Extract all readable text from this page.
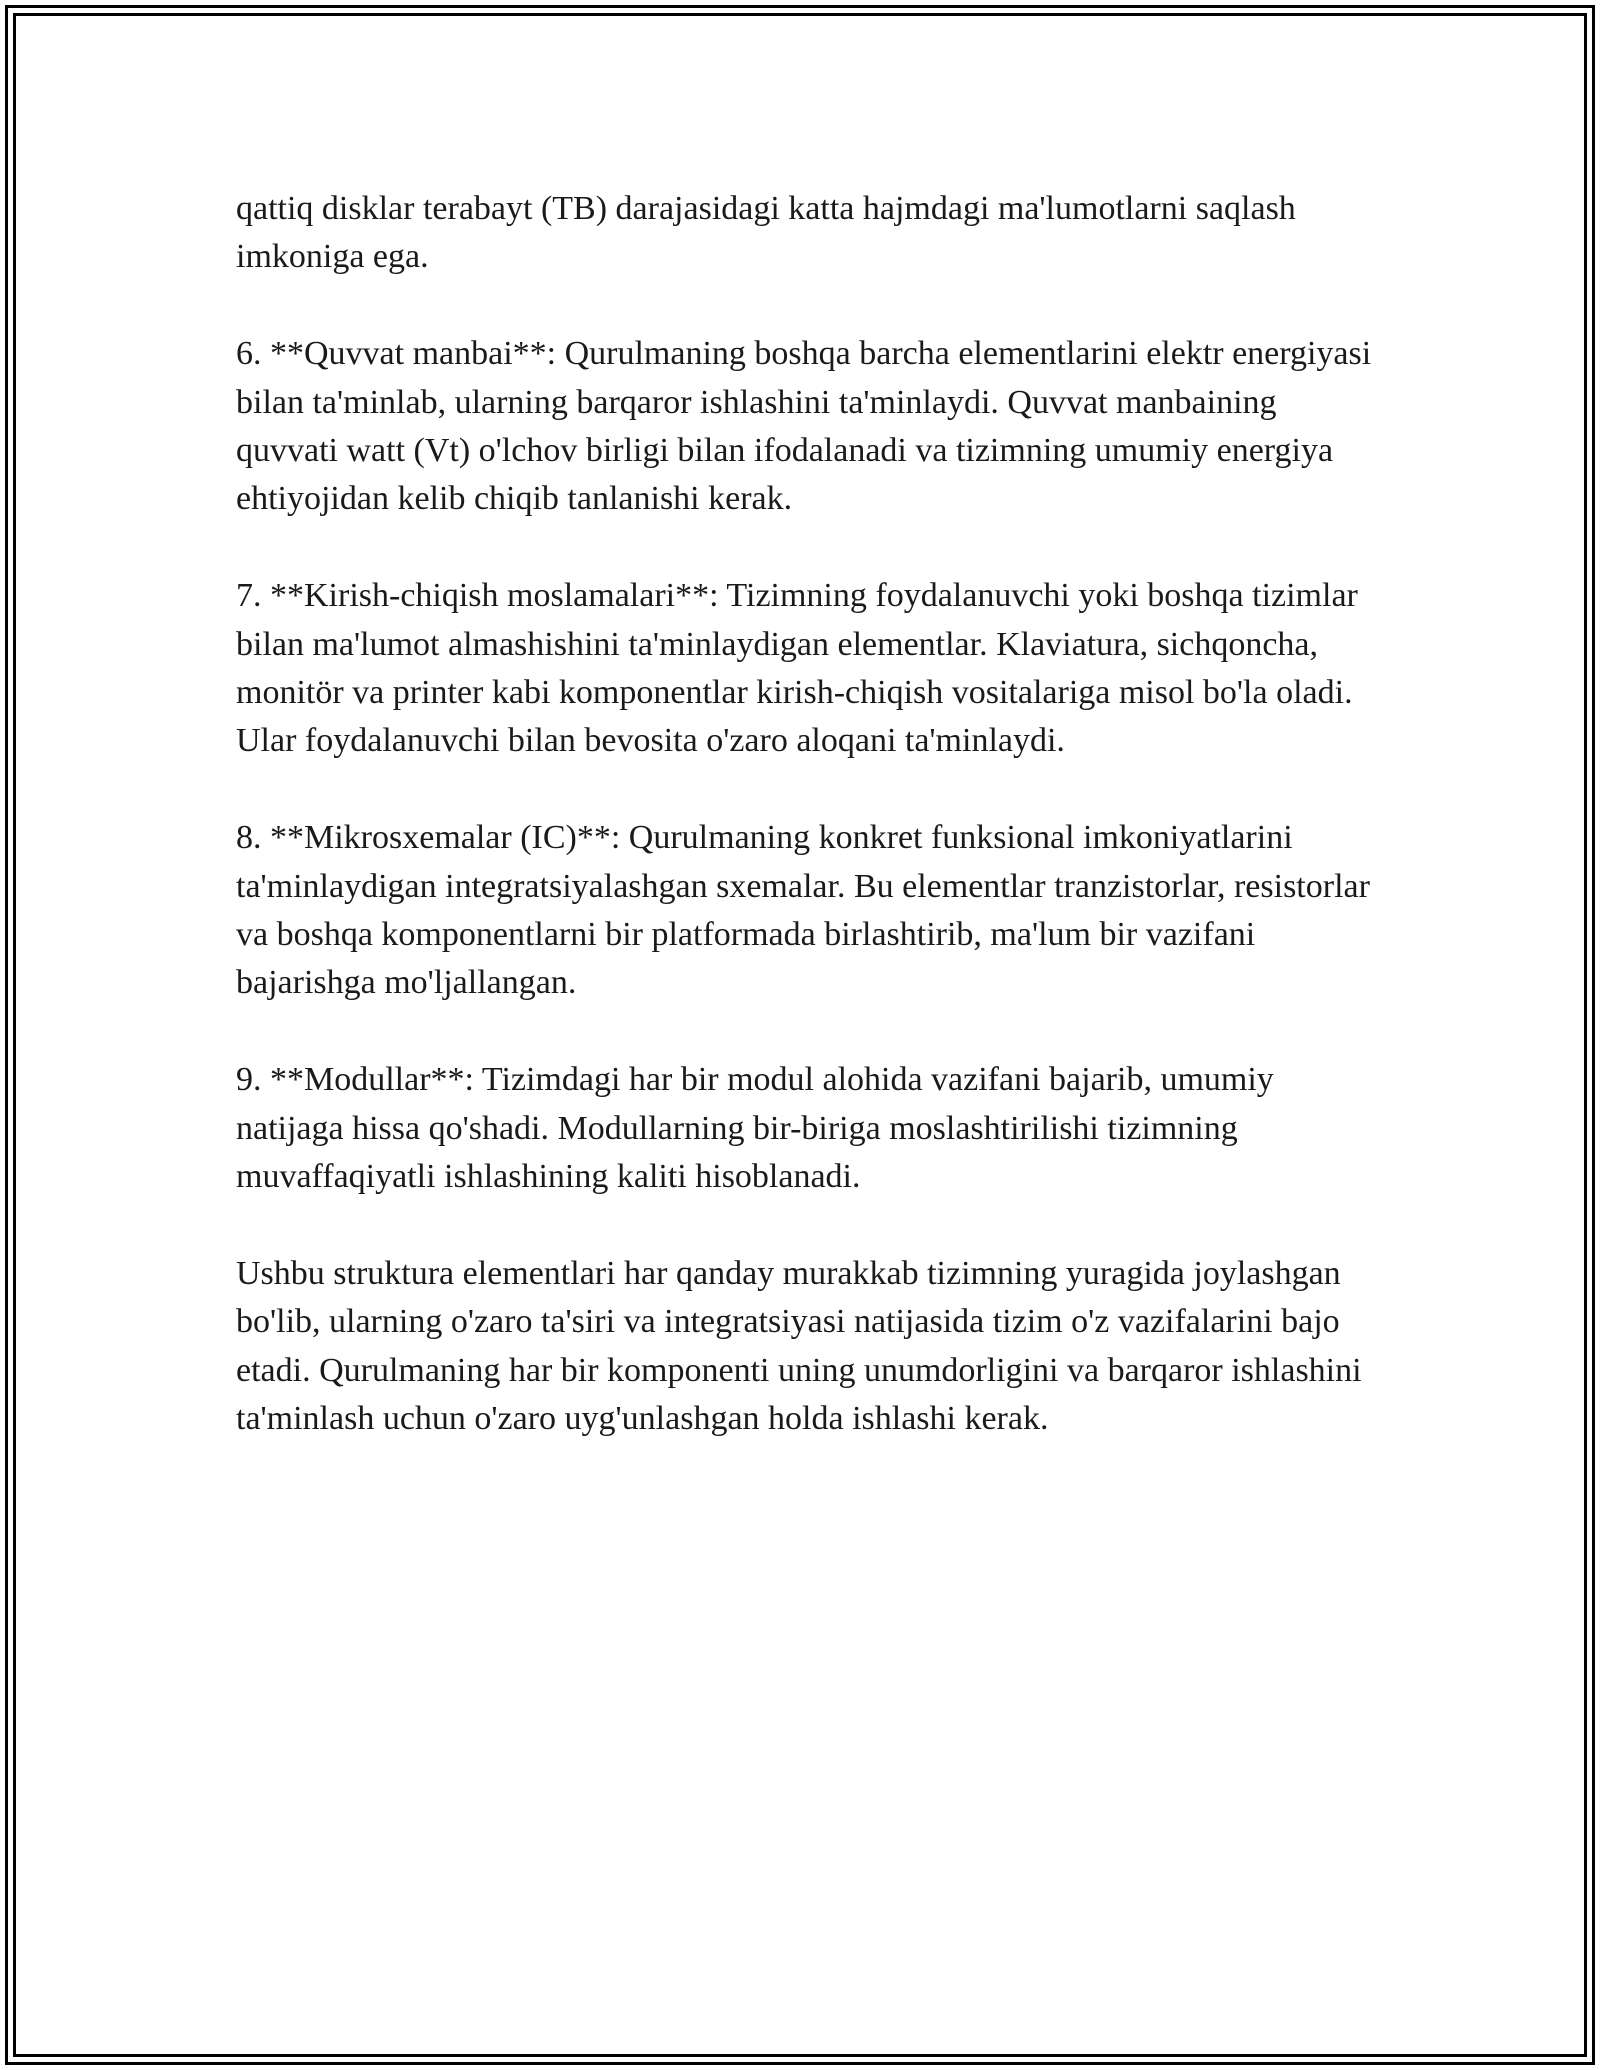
qattiq disklar terabayt (TB) darajasidagi katta hajmdagi ma'lumotlarni saqlash imkoniga ega.

6. **Quvvat manbai**: Qurulmaning boshqa barcha elementlarini elektr energiyasi bilan ta'minlab, ularning barqaror ishlashini ta'minlaydi. Quvvat manbaining quvvati watt (Vt) o'lchov birligi bilan ifodalanadi va tizimning umumiy energiya ehtiyojidan kelib chiqib tanlanishi kerak.

7. **Kirish-chiqish moslamalari**: Tizimning foydalanuvchi yoki boshqa tizimlar bilan ma'lumot almashishini ta'minlaydigan elementlar. Klaviatura, sichqoncha, monitör va printer kabi komponentlar kirish-chiqish vositalariga misol bo'la oladi. Ular foydalanuvchi bilan bevosita o'zaro aloqani ta'minlaydi.

8. **Mikrosxemalar (IC)**: Qurulmaning konkret funksional imkoniyatlarini ta'minlaydigan integratsiyalashgan sxemalar. Bu elementlar tranzistorlar, resistorlar va boshqa komponentlarni bir platformada birlashtirib, ma'lum bir vazifani bajarishga mo'ljallangan.

9. **Modullar**: Tizimdagi har bir modul alohida vazifani bajarib, umumiy natijaga hissa qo'shadi. Modullarning bir-biriga moslashtirilishi tizimning muvaffaqiyatli ishlashining kaliti hisoblanadi.

Ushbu struktura elementlari har qanday murakkab tizimning yuragida joylashgan bo'lib, ularning o'zaro ta'siri va integratsiyasi natijasida tizim o'z vazifalarini bajo etadi. Qurulmaning har bir komponenti uning unumdorligini va barqaror ishlashini ta'minlash uchun o'zaro uyg'unlashgan holda ishlashi kerak.
